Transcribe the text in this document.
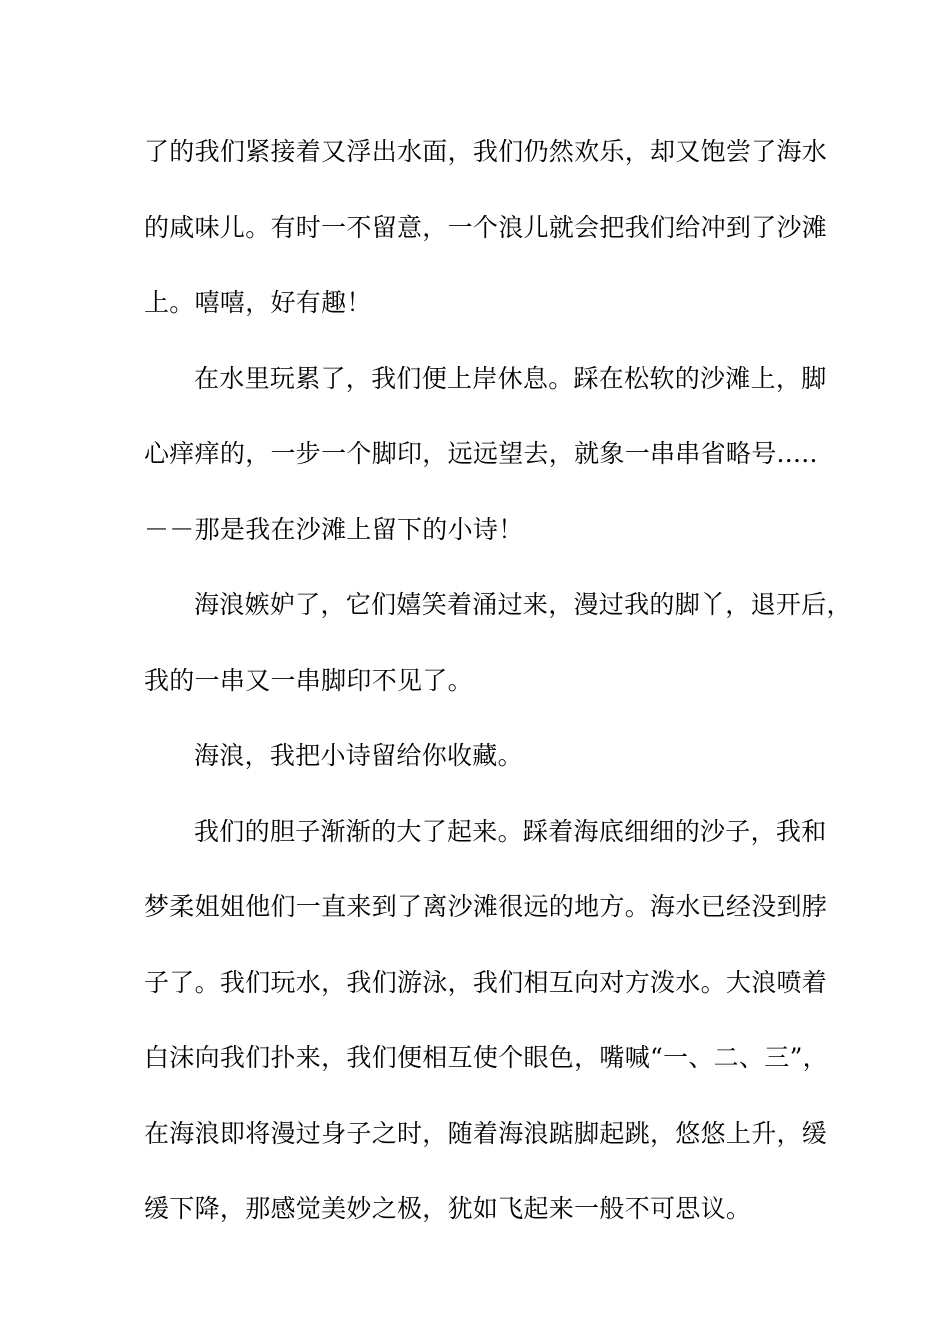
了的我们紧接着又浮出水面，我们仍然欢乐，却又饱尝了海水
的咸味儿。有时一不留意，一个浪儿就会把我们给冲到了沙滩
上。嘻嘻，好有趣！
在水里玩累了，我们便上岸休息。踩在松软的沙滩上，脚
心痒痒的，一步一个脚印，远远望去，就象一串串省略号.....
－－那是我在沙滩上留下的小诗！
海浪嫉妒了，它们嬉笑着涌过来，漫过我的脚丫，退开后，
我的一串又一串脚印不见了。
海浪，我把小诗留给你收藏。
我们的胆子渐渐的大了起来。踩着海底细细的沙子，我和
梦柔姐姐他们一直来到了离沙滩很远的地方。海水已经没到脖
子了。我们玩水，我们游泳，我们相互向对方泼水。大浪喷着
白沫向我们扑来，我们便相互使个眼色，嘴喊“一、二、三”，
在海浪即将漫过身子之时，随着海浪踮脚起跳，悠悠上升，缓
缓下降，那感觉美妙之极，犹如飞起来一般不可思议。
